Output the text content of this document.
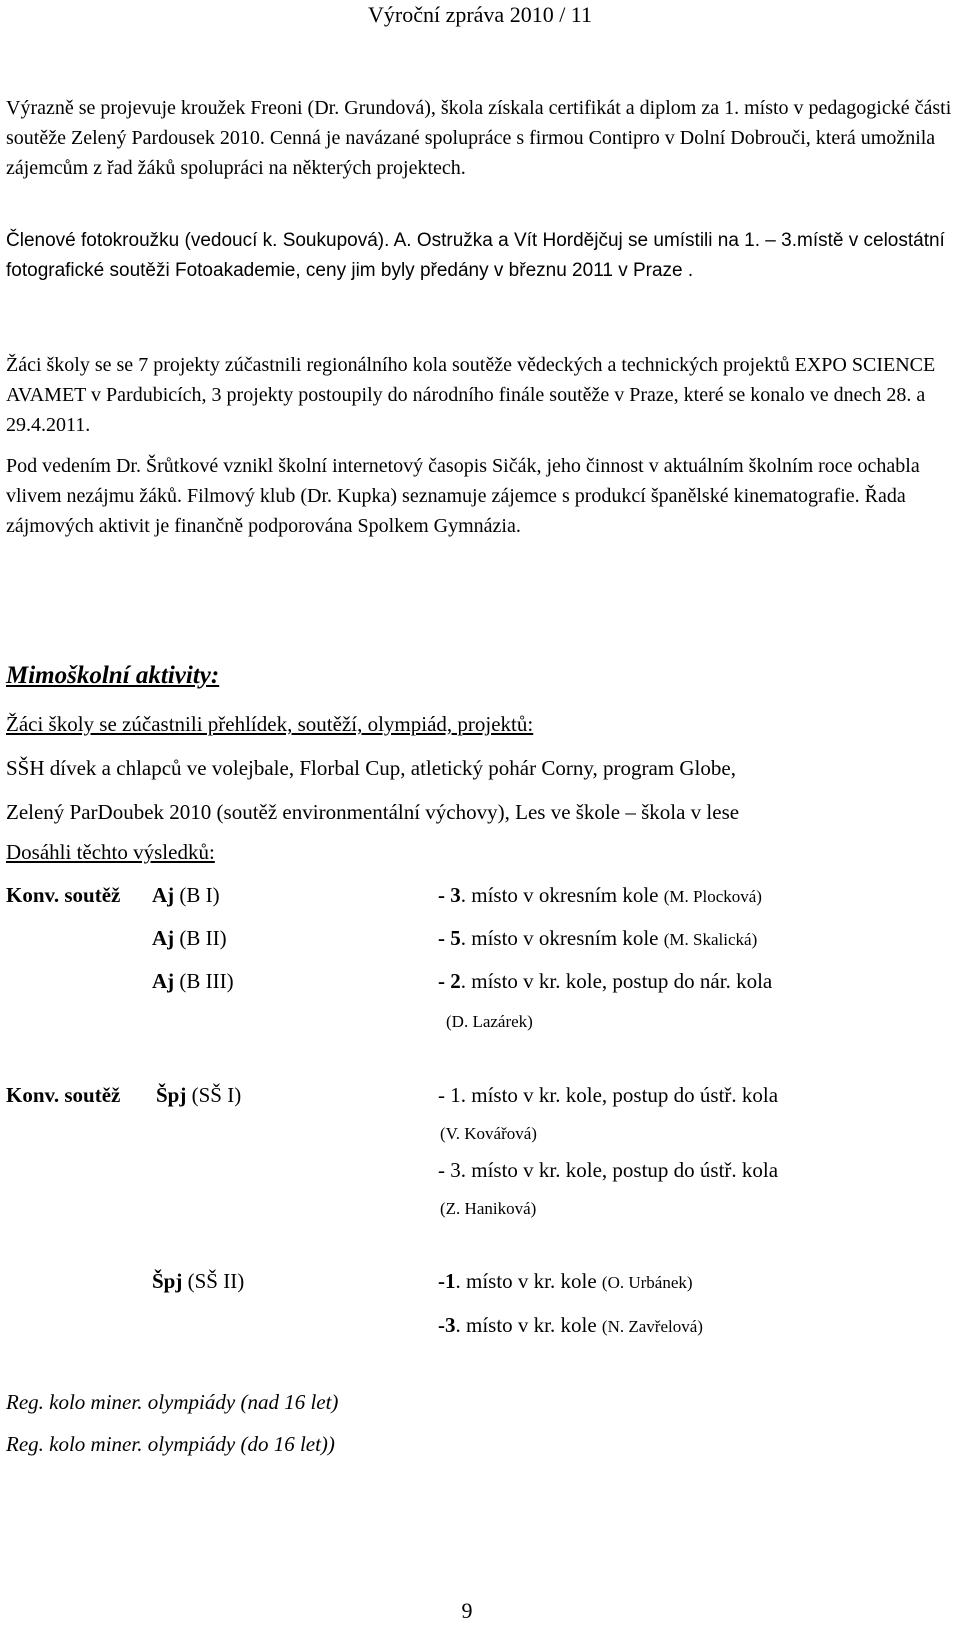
Výroční zpráva 2010 / 11
Výrazně se projevuje kroužek Freoni (Dr. Grundová), škola získala certifikát a diplom za 1. místo v pedagogické části soutěže Zelený Pardousek 2010. Cenná je navázané spolupráce s firmou Contipro v Dolní Dobrouči, která umožnila zájemcům z řad žáků spolupráci na některých projektech.
Členové fotokroužku (vedoucí k. Soukupová). A. Ostružka a Vít Hordějčuj se umístili na 1. – 3.místě v celostátní fotografické soutěži Fotoakademie, ceny jim byly předány v březnu 2011 v Praze .
Žáci školy se se 7 projekty zúčastnili regionálního kola soutěže vědeckých a technických projektů EXPO SCIENCE AVAMET v Pardubicích, 3 projekty postoupily do národního finále soutěže v Praze, které se konalo ve dnech 28. a 29.4.2011.
Pod vedením Dr. Šrůtkové vznikl školní internetový časopis Sičák, jeho činnost v aktuálním školním roce ochabla vlivem nezájmu žáků. Filmový klub (Dr. Kupka) seznamuje zájemce s produkcí španělské kinematografie. Řada zájmových aktivit je finančně podporována Spolkem Gymnázia.
Mimoškolní aktivity:
Žáci školy se zúčastnili přehlídek, soutěží, olympiád, projektů:
SŠH dívek a chlapců ve volejbale, Florbal Cup, atletický pohár Corny, program Globe,
Zelený ParDoubek 2010 (soutěž environmentální výchovy), Les ve škole – škola v lese
Dosáhli těchto výsledků:
Konv. soutěž Aj (B I)	- 3. místo v okresním kole (M. Plocková)
Aj (B II)	- 5. místo v okresním kole (M. Skalická)
Aj (B III)	- 2. místo v kr. kole, postup do nár. kola
(D. Lazárek)
Konv. soutěž Špj (SŠ I)	- 1. místo v kr. kole, postup do ústř. kola
(V. Kovářová)
- 3. místo v kr. kole, postup do ústř. kola
(Z. Haniková)
Špj (SŠ II)	-1. místo v kr. kole (O. Urbánek)
-3. místo v kr. kole (N. Zavřelová)
Reg. kolo miner. olympiády (nad 16 let)
Reg. kolo miner. olympiády (do 16 let))
9
